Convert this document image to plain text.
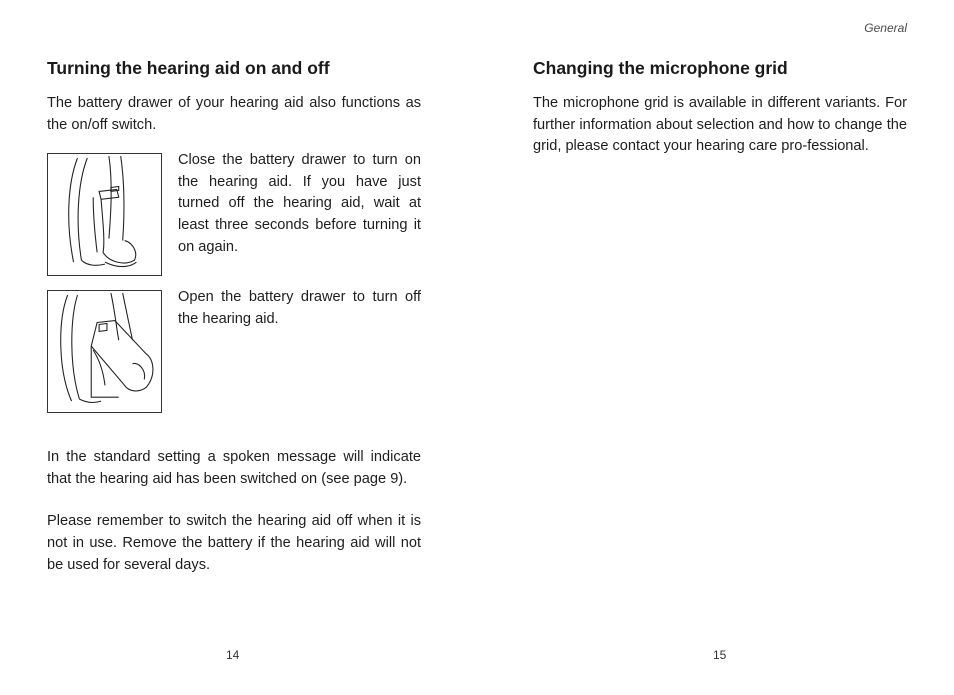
General
Turning the hearing aid on and off

The battery drawer of your hearing aid also functions as the on/off switch.

Close the battery drawer to turn on the hearing aid. If you have just turned off the hearing aid, wait at least three seconds before turning it on again.

Open the battery drawer to turn off the hearing aid.

In the standard setting a spoken message will indicate that the hearing aid has been switched on (see page 9).

Please remember to switch the hearing aid off when it is not in use. Remove the battery if the hearing aid will not be used for several days.

Changing the microphone grid

The microphone grid is available in different variants. For further information about selection and how to change the grid, please contact your hearing care pro-fessional.

14	15
